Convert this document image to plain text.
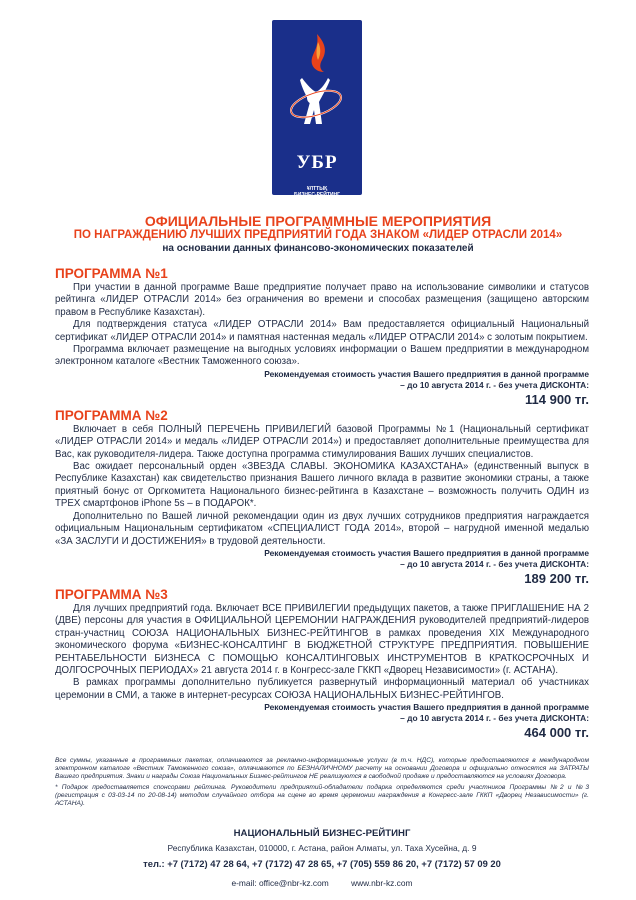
УБР
ҰЛТТЫҚ
БИЗНЕС-РЕЙТИНГ
ОФИЦИАЛЬНЫЕ ПРОГРАММНЫЕ МЕРОПРИЯТИЯ
ПО НАГРАЖДЕНИЮ ЛУЧШИХ ПРЕДПРИЯТИЙ ГОДА ЗНАКОМ «ЛИДЕР ОТРАСЛИ 2014»
на основании данных финансово-экономических показателей
ПРОГРАММА №1

При участии в данной программе Ваше предприятие получает право на использование символики и статусов рейтинга «ЛИДЕР ОТРАСЛИ 2014» без ограничения во времени и способах размещения (защищено авторским правом в Республике Казахстан).

Для подтверждения статуса «ЛИДЕР ОТРАСЛИ 2014» Вам предоставляется официальный Национальный сертификат «ЛИДЕР ОТРАСЛИ 2014» и памятная настенная медаль «ЛИДЕР ОТРАСЛИ 2014» с золотым покрытием.

Программа включает размещение на выгодных условиях информации о Вашем предприятии в международном электронном каталоге «Вестник Таможенного союза».

Рекомендуемая стоимость участия Вашего предприятия в данной программе

– до 10 августа 2014 г. - без учета ДИСКОНТА:

114 900 тг.

ПРОГРАММА №2

Включает в себя ПОЛНЫЙ ПЕРЕЧЕНЬ ПРИВИЛЕГИЙ базовой Программы №1 (Национальный сертификат «ЛИДЕР ОТРАСЛИ 2014» и медаль «ЛИДЕР ОТРАСЛИ 2014») и предоставляет дополнительные преимущества для Вас, как руководителя-лидера. Также доступна программа стимулирования Ваших лучших специалистов.

Вас ожидает персональный орден «ЗВЕЗДА СЛАВЫ. ЭКОНОМИКА КАЗАХСТАНА» (единственный выпуск в Республике Казахстан) как свидетельство признания Вашего личного вклада в развитие экономики страны, а также приятный бонус от Оргкомитета Национального бизнес-рейтинга в Казахстане – возможность получить ОДИН из ТРЕХ смартфонов iPhone 5s – в ПОДАРОК*.

Дополнительно по Вашей личной рекомендации один из двух лучших сотрудников предприятия награждается официальным Национальным сертификатом «СПЕЦИАЛИСТ ГОДА 2014», второй – нагрудной именной медалью «ЗА ЗАСЛУГИ И ДОСТИЖЕНИЯ» в трудовой деятельности.

Рекомендуемая стоимость участия Вашего предприятия в данной программе

– до 10 августа 2014 г. - без учета ДИСКОНТА:

189 200 тг.

ПРОГРАММА №3

Для лучших предприятий года. Включает ВСЕ ПРИВИЛЕГИИ предыдущих пакетов, а также ПРИГЛАШЕНИЕ НА 2 (ДВЕ) персоны для участия в ОФИЦИАЛЬНОЙ ЦЕРЕМОНИИ НАГРАЖДЕНИЯ руководителей предприятий-лидеров стран-участниц СОЮЗА НАЦИОНАЛЬНЫХ БИЗНЕС-РЕЙТИНГОВ в рамках проведения XIX Международного экономического форума «БИЗНЕС-КОНСАЛТИНГ В БЮДЖЕТНОЙ СТРУКТУРЕ ПРЕДПРИЯТИЯ. ПОВЫШЕНИЕ РЕНТАБЕЛЬНОСТИ БИЗНЕСА С ПОМОЩЬЮ КОНСАЛТИНГОВЫХ ИНСТРУМЕНТОВ В КРАТКОСРОЧНЫХ И ДОЛГОСРОЧНЫХ ПЕРИОДАХ» 21 августа 2014 г. в Конгресс-зале ГККП «Дворец Независимости» (г. АСТАНА).

В рамках программы дополнительно публикуется развернутый информационный материал об участниках церемонии в СМИ, а также в интернет-ресурсах СОЮЗА НАЦИОНАЛЬНЫХ БИЗНЕС-РЕЙТИНГОВ.

Рекомендуемая стоимость участия Вашего предприятия в данной программе

– до 10 августа 2014 г. - без учета ДИСКОНТА:

464 000 тг.

Все суммы, указанные в программных пакетах, оплачиваются за рекламно-информационные услуги (в т.ч. НДС), которые предоставляются в международном электронном каталоге «Вестник Таможенного союза», оплачиваются по БЕЗНАЛИЧНОМУ расчету на основании Договора и официально относятся на ЗАТРАТЫ Вашего предприятия. Знаки и награды Союза Национальных Бизнес-рейтингов НЕ реализуются в свободной продаже и предоставляются на условиях Договора.

* Подарок предоставляется спонсорами рейтинга. Руководители предприятий-обладатели подарка определяются среди участников Программы №2 и №3 (регистрация с 03-03-14 по 20-08-14) методом случайного отбора на сцене во время церемонии награждения в Конгресс-зале ГККП «Дворец Независимости» (г. АСТАНА).

НАЦИОНАЛЬНЫЙ БИЗНЕС-РЕЙТИНГ
Республика Казахстан, 010000, г. Астана, район Алматы, ул. Таха Хусейна, д. 9
тел.: +7 (7172) 47 28 64, +7 (7172) 47 28 65, +7 (705) 559 86 20, +7 (7172) 57 09 20
e-mail: office@nbr-kz.com	www.nbr-kz.com
